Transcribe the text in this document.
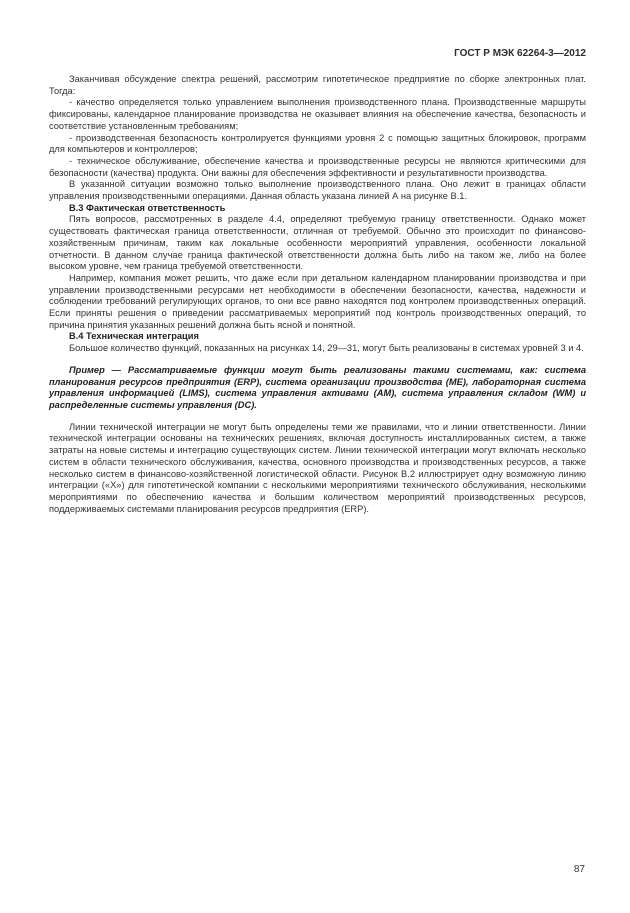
ГОСТ Р МЭК 62264-3—2012

Заканчивая обсуждение спектра решений, рассмотрим гипотетическое предприятие по сборке электронных плат. Тогда:

- качество определяется только управлением выполнения производственного плана. Производственные маршруты фиксированы, календарное планирование производства не оказывает влияния на обеспечение качества, безопасность и соответствие установленным требованиям;

- производственная безопасность контролируется функциями уровня 2 с помощью защитных блокировок, программ для компьютеров и контроллеров;

- техническое обслуживание, обеспечение качества и производственные ресурсы не являются критическими для безопасности (качества) продукта. Они важны для обеспечения эффективности и результативности производства.

В указанной ситуации возможно только выполнение производственного плана. Оно лежит в границах области управления производственными операциями. Данная область указана линией А на рисунке В.1.

В.3 Фактическая ответственность

Пять вопросов, рассмотренных в разделе 4.4, определяют требуемую границу ответственности. Однако может существовать фактическая граница ответственности, отличная от требуемой. Обычно это происходит по финансово-хозяйственным причинам, таким как локальные особенности мероприятий управления, особенности локальной отчетности. В данном случае граница фактической ответственности должна быть либо на таком же, либо на более высоком уровне, чем граница требуемой ответственности.

Например, компания может решить, что даже если при детальном календарном планировании производства и при управлении производственными ресурсами нет необходимости в обеспечении безопасности, качества, надежности и соблюдении требований регулирующих органов, то они все равно находятся под контролем производственных операций. Если приняты решения о приведении рассматриваемых мероприятий под контроль производственных операций, то причина принятия указанных решений должна быть ясной и понятной.

В.4 Техническая интеграция

Большое количество функций, показанных на рисунках 14, 29—31, могут быть реализованы в системах уровней 3 и 4.

Пример — Рассматриваемые функции могут быть реализованы такими системами, как: система планирования ресурсов предприятия (ERP), система организации производства (ME), лабораторная система управления информацией (LIMS), система управления активами (AM), система управления складом (WM) и распределенные системы управления (DC).

Линии технической интеграции не могут быть определены теми же правилами, что и линии ответственности. Линии технической интеграции основаны на технических решениях, включая доступность инсталлированных систем, а также затраты на новые системы и интеграцию существующих систем. Линии технической интеграции могут включать несколько систем в области технического обслуживания, качества, основного производства и производственных ресурсов, а также несколько систем в финансово-хозяйственной логистической области. Рисунок В.2 иллюстрирует одну возможную линию интеграции («Х») для гипотетической компании с несколькими мероприятиями технического обслуживания, несколькими мероприятиями по обеспечению качества и большим количеством мероприятий производственных ресурсов, поддерживаемых системами планирования ресурсов предприятия (ERP).

87
